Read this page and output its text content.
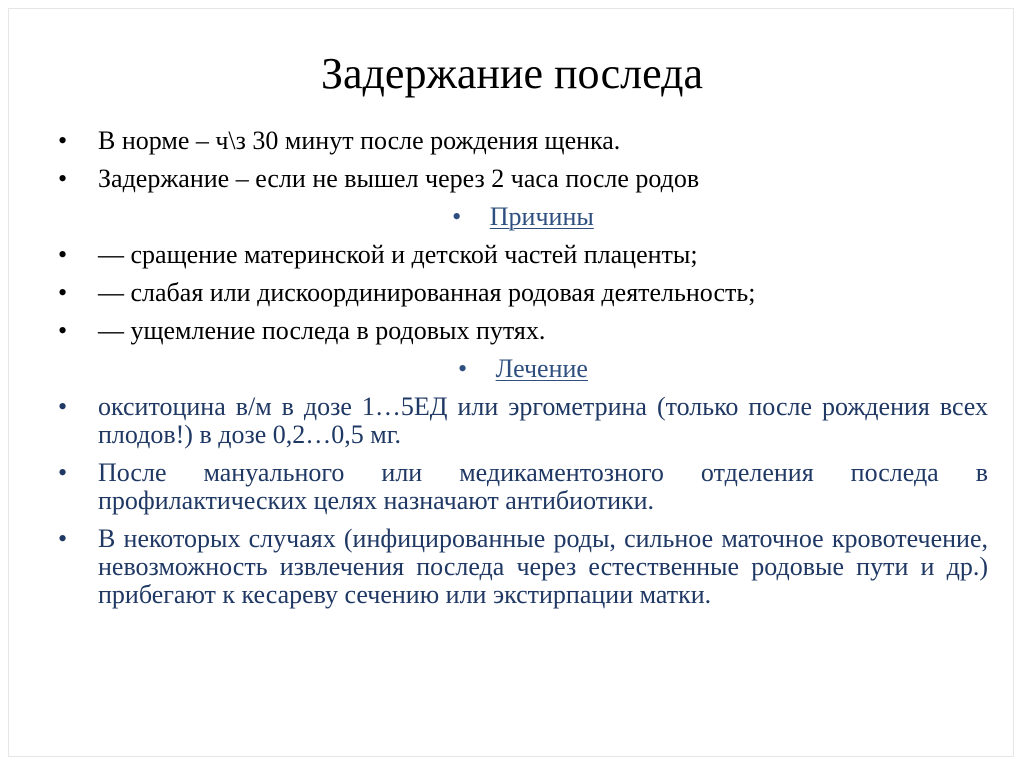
Задержание последа
•	В норме – ч\з 30 минут после рождения щенка.
•	Задержание – если не вышел через 2 часа после родов
• Причины
•	— сращение материнской и детской частей плаценты;
•	— слабая или дискоординированная родовая деятельность;
•	— ущемление последа в родовых путях.
• Лечение
•	окситоцина в/м в дозе 1…5ЕД или эргометрина (только после рождения всех плодов!) в дозе 0,2…0,5 мг.
•	После мануального или медикаментозного отделения последа в профилактических целях назначают антибиотики.
•	В некоторых случаях (инфицированные роды, сильное маточное кровотечение, невозможность извлечения последа через естественные родовые пути и др.) прибегают к кесареву сечению или экстирпации матки.
